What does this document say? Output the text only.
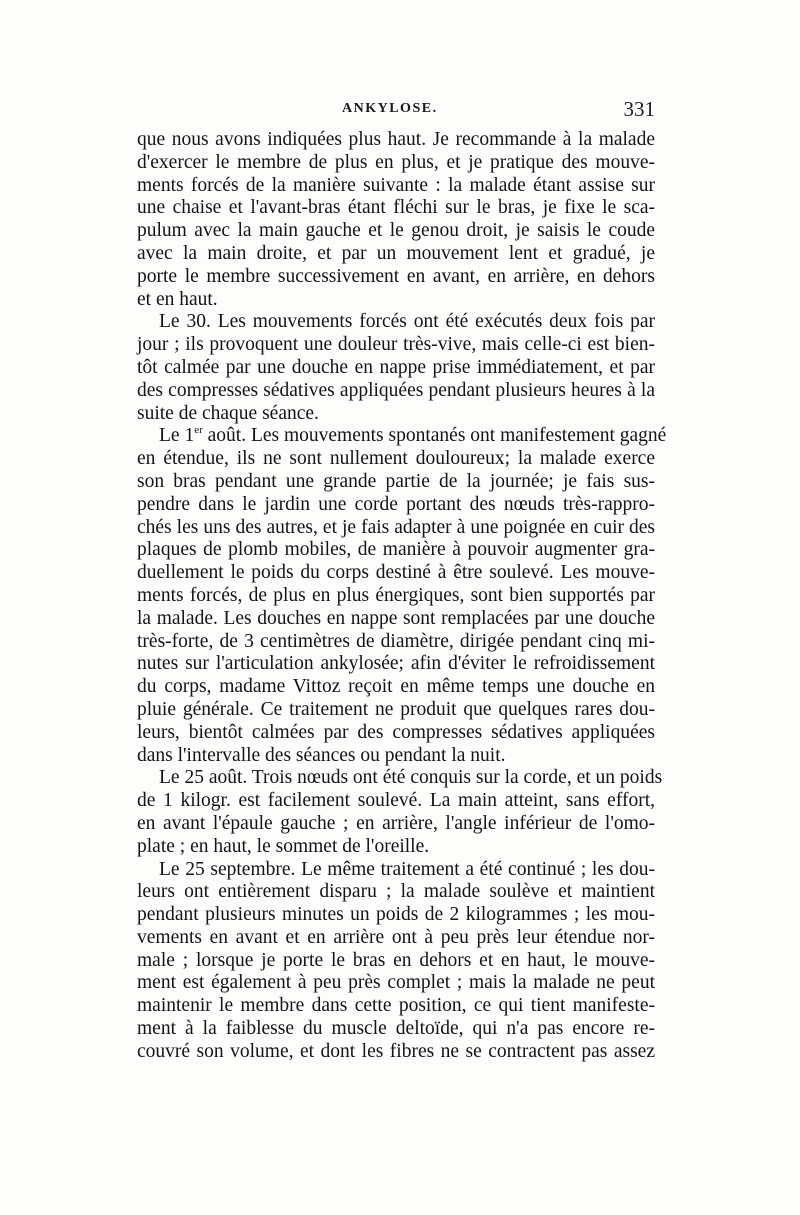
ANKYLOSE.	331
que nous avons indiquées plus haut. Je recommande à la malade
d'exercer le membre de plus en plus, et je pratique des mouve-
ments forcés de la manière suivante : la malade étant assise sur
une chaise et l'avant-bras étant fléchi sur le bras, je fixe le sca-
pulum avec la main gauche et le genou droit, je saisis le coude
avec la main droite, et par un mouvement lent et gradué, je
porte le membre successivement en avant, en arrière, en dehors
et en haut.
Le 30. Les mouvements forcés ont été exécutés deux fois par
jour ; ils provoquent une douleur très-vive, mais celle-ci est bien-
tôt calmée par une douche en nappe prise immédiatement, et par
des compresses sédatives appliquées pendant plusieurs heures à la
suite de chaque séance.
Le 1er août. Les mouvements spontanés ont manifestement gagné
en étendue, ils ne sont nullement douloureux; la malade exerce
son bras pendant une grande partie de la journée; je fais sus-
pendre dans le jardin une corde portant des nœuds très-rappro-
chés les uns des autres, et je fais adapter à une poignée en cuir des
plaques de plomb mobiles, de manière à pouvoir augmenter gra-
duellement le poids du corps destiné à être soulevé. Les mouve-
ments forcés, de plus en plus énergiques, sont bien supportés par
la malade. Les douches en nappe sont remplacées par une douche
très-forte, de 3 centimètres de diamètre, dirigée pendant cinq mi-
nutes sur l'articulation ankylosée; afin d'éviter le refroidissement
du corps, madame Vittoz reçoit en même temps une douche en
pluie générale. Ce traitement ne produit que quelques rares dou-
leurs, bientôt calmées par des compresses sédatives appliquées
dans l'intervalle des séances ou pendant la nuit.
Le 25 août. Trois nœuds ont été conquis sur la corde, et un poids
de 1 kilogr. est facilement soulevé. La main atteint, sans effort,
en avant l'épaule gauche ; en arrière, l'angle inférieur de l'omo-
plate ; en haut, le sommet de l'oreille.
Le 25 septembre. Le même traitement a été continué ; les dou-
leurs ont entièrement disparu ; la malade soulève et maintient
pendant plusieurs minutes un poids de 2 kilogrammes ; les mou-
vements en avant et en arrière ont à peu près leur étendue nor-
male ; lorsque je porte le bras en dehors et en haut, le mouve-
ment est également à peu près complet ; mais la malade ne peut
maintenir le membre dans cette position, ce qui tient manifeste-
ment à la faiblesse du muscle deltoïde, qui n'a pas encore re-
couvré son volume, et dont les fibres ne se contractent pas assez
